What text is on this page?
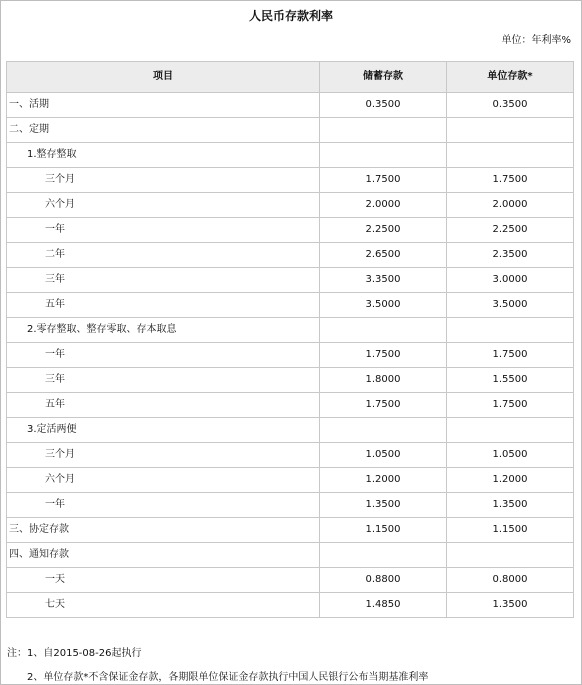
人民币存款利率
单位：年利率%
项目	储蓄存款	单位存款*
一、活期	0.3500	0.3500
二、定期		
1.整存整取		
三个月	1.7500	1.7500
六个月	2.0000	2.0000
一年	2.2500	2.2500
二年	2.6500	2.3500
三年	3.3500	3.0000
五年	3.5000	3.5000
2.零存整取、整存零取、存本取息		
一年	1.7500	1.7500
三年	1.8000	1.5500
五年	1.7500	1.7500
3.定活两便		
三个月	1.0500	1.0500
六个月	1.2000	1.2000
一年	1.3500	1.3500
三、协定存款	1.1500	1.1500
四、通知存款		
一天	0.8800	0.8000
七天	1.4850	1.3500
注：1、自2015-08-26起执行
2、单位存款*不含保证金存款，各期限单位保证金存款执行中国人民银行公布当期基准利率
